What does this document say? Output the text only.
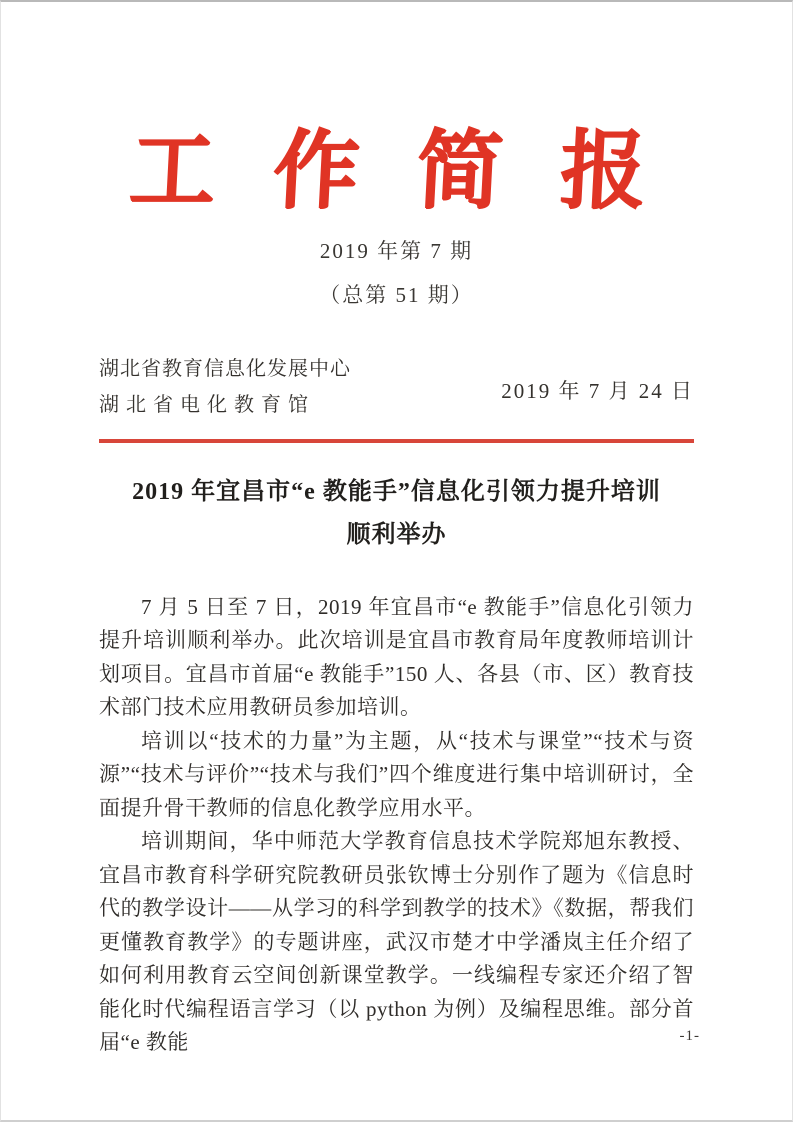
工 作 简 报
2019 年第 7 期
（总第 51 期）
湖北省教育信息化发展中心
湖 北 省 电 化 教 育 馆
2019 年 7 月 24 日
2019 年宜昌市“e 教能手”信息化引领力提升培训
顺利举办

7 月 5 日至 7 日，2019 年宜昌市“e 教能手”信息化引领力提升培训顺利举办。此次培训是宜昌市教育局年度教师培训计划项目。宜昌市首届“e 教能手”150 人、各县（市、区）教育技术部门技术应用教研员参加培训。

培训以“技术的力量”为主题，从“技术与课堂”“技术与资源”“技术与评价”“技术与我们”四个维度进行集中培训研讨，全面提升骨干教师的信息化教学应用水平。

培训期间，华中师范大学教育信息技术学院郑旭东教授、宜昌市教育科学研究院教研员张钦博士分别作了题为《信息时代的教学设计——从学习的科学到教学的技术》《数据，帮我们更懂教育教学》的专题讲座，武汉市楚才中学潘岚主任介绍了如何利用教育云空间创新课堂教学。一线编程专家还介绍了智能化时代编程语言学习（以 python 为例）及编程思维。部分首届“e 教能	-1-
